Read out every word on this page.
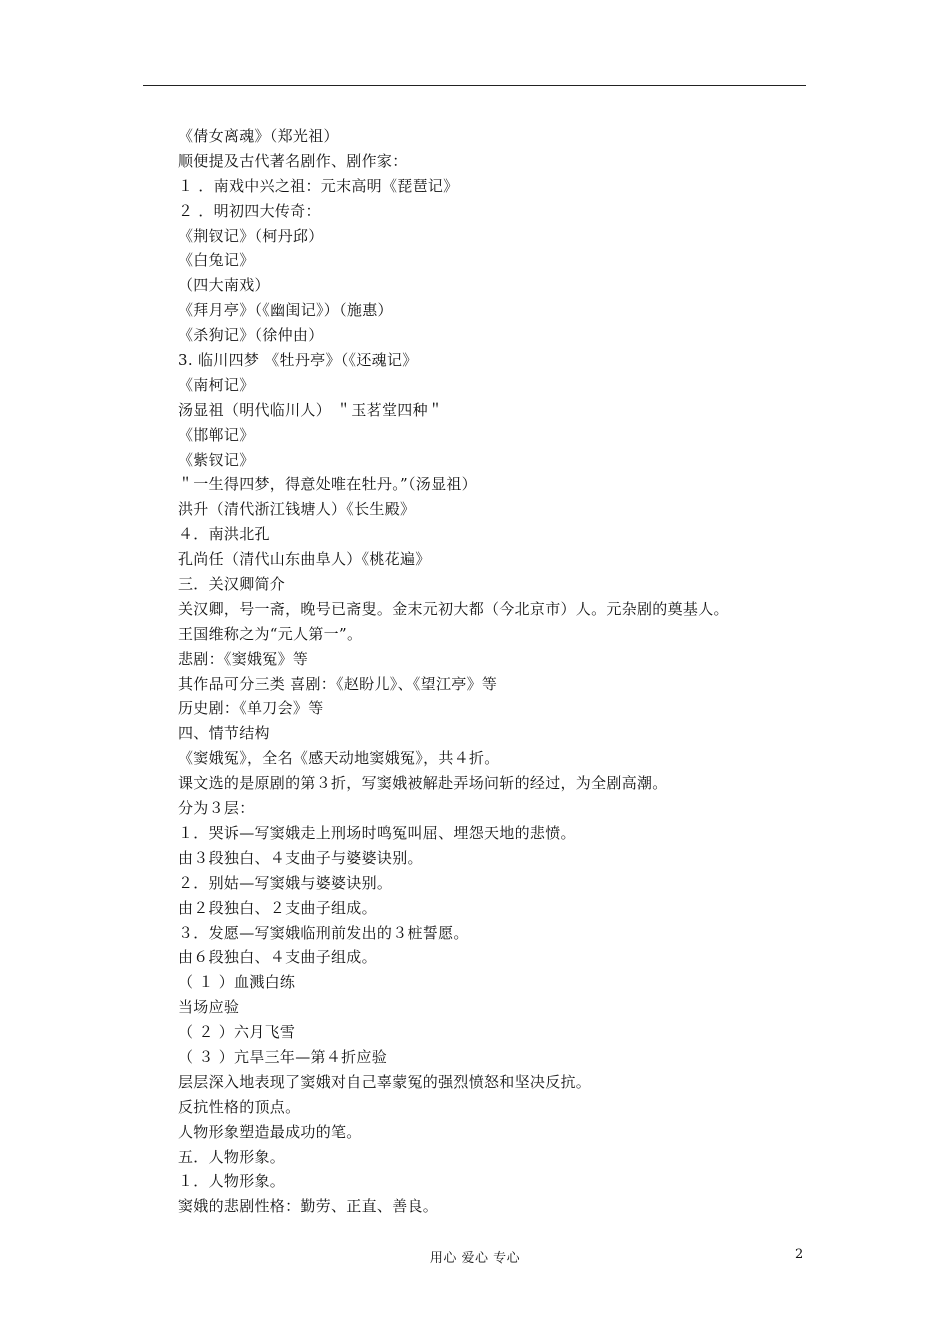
《倩女离魂》（郑光祖）
顺便提及古代著名剧作、剧作家：
１ ．南戏中兴之祖：元末高明《琵琶记》
２ ．明初四大传奇：
《荆钗记》（柯丹邱）
《白兔记》
（四大南戏）
《拜月亭》（《幽闺记》）（施惠）
《杀狗记》（徐仲由）
3. 临川四梦 《牡丹亭》（《还魂记》
《南柯记》
汤显祖（明代临川人） ＂玉茗堂四种＂
《邯郸记》
《紫钗记》
＂一生得四梦，得意处唯在牡丹。”（汤显祖）
洪升（清代浙江钱塘人）《长生殿》
４．南洪北孔
孔尚任（清代山东曲阜人）《桃花遍》
三．关汉卿简介
关汉卿，号一斋，晚号已斋叟。金末元初大都（今北京市）人。元杂剧的奠基人。
王国维称之为“元人第一”。
悲剧：《窦娥冤》等
其作品可分三类 喜剧：《赵盼儿》、《望江亭》等
历史剧：《单刀会》等
四、情节结构
《窦娥冤》，全名《感天动地窦娥冤》，共４折。
课文选的是原剧的第３折，写窦娥被解赴弄场问斩的经过，为全剧高潮。
分为３层：
１．哭诉—写窦娥走上刑场时鸣冤叫屈、埋怨天地的悲愤。
由３段独白、４支曲子与婆婆诀别。
２．别姑—写窦娥与婆婆诀别。
由２段独白、２支曲子组成。
３．发愿—写窦娥临刑前发出的３桩誓愿。
由６段独白、４支曲子组成。
（ １ ）血溅白练
当场应验
（ ２ ）六月飞雪
（ ３ ）亢旱三年—第４折应验
层层深入地表现了窦娥对自己辜蒙冤的强烈愤怒和坚决反抗。
反抗性格的顶点。
人物形象塑造最成功的笔。
五．人物形象。
１．人物形象。
窦娥的悲剧性格：勤劳、正直、善良。
用心 爱心 专心	2
